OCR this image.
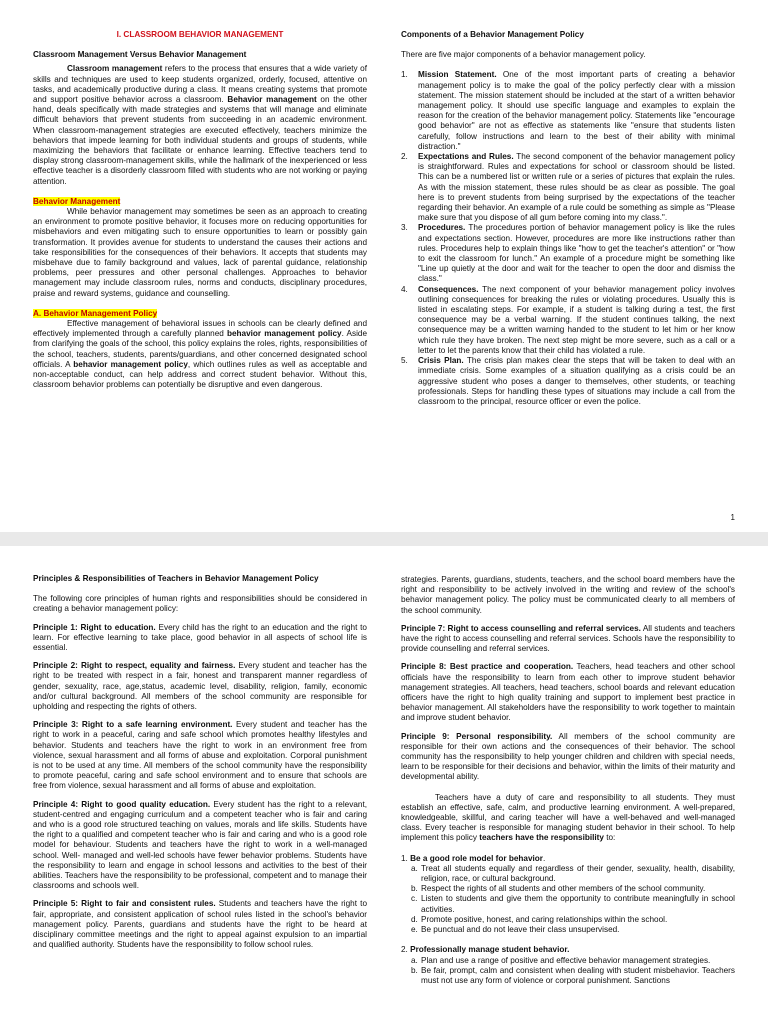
I. CLASSROOM BEHAVIOR MANAGEMENT
Classroom Management Versus Behavior Management

Classroom management refers to the process that ensures that a wide variety of skills and techniques are used to keep students organized, orderly, focused, attentive on tasks, and academically productive during a class. It means creating systems that promote and support positive behavior across a classroom. Behavior management on the other hand, deals specifically with made strategies and systems that will manage and eliminate difficult behaviors that prevent students from succeeding in an academic environment. When classroom-management strategies are executed effectively, teachers minimize the behaviors that impede learning for both individual students and groups of students, while maximizing the behaviors that facilitate or enhance learning. Effective teachers tend to display strong classroom-management skills, while the hallmark of the inexperienced or less effective teacher is a disorderly classroom filled with students who are not working or paying attention.

Behavior Management

While behavior management may sometimes be seen as an approach to creating an environment to promote positive behavior, it focuses more on reducing opportunities for misbehaviors and even mitigating such to ensure opportunities to learn or possibly gain transformation. It provides avenue for students to understand the causes their actions and take responsibilities for the consequences of their behaviors. It accepts that students may misbehave due to family background and values, lack of parental guidance, relationship problems, peer pressures and other personal challenges. Approaches to behavior management may include classroom rules, norms and conducts, disciplinary procedures, praise and reward systems, guidance and counselling.

A. Behavior Management Policy

Effective management of behavioral issues in schools can be clearly defined and effectively implemented through a carefully planned behavior management policy. Aside from clarifying the goals of the school, this policy explains the roles, rights, responsibilities of the school, teachers, students, parents/guardians, and other concerned designated school officials. A behavior management policy, which outlines rules as well as acceptable and non-acceptable conduct, can help address and correct student behavior. Without this, classroom behavior problems can potentially be disruptive and even dangerous.

Components of a Behavior Management Policy

There are five major components of a behavior management policy.

1. Mission Statement. One of the most important parts of creating a behavior management policy is to make the goal of the policy perfectly clear with a mission statement. The mission statement should be included at the start of a written behavior management policy. It should use specific language and examples to explain the reason for the creation of the behavior management policy. Statements like "encourage good behavior" are not as effective as statements like "ensure that students listen carefully, follow instructions and learn to the best of their ability with minimal distraction."
2. Expectations and Rules. The second component of the behavior management policy is straightforward. Rules and expectations for school or classroom should be listed. This can be a numbered list or written rule or a series of pictures that explain the rules. As with the mission statement, these rules should be as clear as possible. The goal here is to prevent students from being surprised by the expectations of the teacher regarding their behavior. An example of a rule could be something as simple as "Please make sure that you dispose of all gum before coming into my class.".
3. Procedures. The procedures portion of behavior management policy is like the rules and expectations section. However, procedures are more like instructions rather than rules. Procedures help to explain things like "how to get the teacher's attention" or "how to exit the classroom for lunch." An example of a procedure might be something like "Line up quietly at the door and wait for the teacher to open the door and dismiss the class."
4. Consequences. The next component of your behavior management policy involves outlining consequences for breaking the rules or violating procedures. Usually this is listed in escalating steps. For example, if a student is talking during a test, the first consequence may be a verbal warning. If the student continues talking, the next consequence may be a written warning handed to the student to let him or her know which rule they have broken. The next step might be more severe, such as a call or a letter to let the parents know that their child has violated a rule.
5. Crisis Plan. The crisis plan makes clear the steps that will be taken to deal with an immediate crisis. Some examples of a situation qualifying as a crisis could be an aggressive student who poses a danger to themselves, other students, or teaching professionals. Steps for handling these types of situations may include a call from the classroom to the principal, resource officer or even the police.
1
Principles & Responsibilities of Teachers in Behavior Management Policy

The following core principles of human rights and responsibilities should be considered in creating a behavior management policy:

Principle 1: Right to education. Every child has the right to an education and the right to learn. For effective learning to take place, good behavior in all aspects of school life is essential.

Principle 2: Right to respect, equality and fairness. Every student and teacher has the right to be treated with respect in a fair, honest and transparent manner regardless of gender, sexuality, race, age,status, academic level, disability, religion, family, economic and/or cultural background. All members of the school community are responsible for upholding and respecting the rights of others.

Principle 3: Right to a safe learning environment. Every student and teacher has the right to work in a peaceful, caring and safe school which promotes healthy lifestyles and behavior. Students and teachers have the right to work in an environment free from violence, sexual harassment and all forms of abuse and exploitation. Corporal punishment is not to be used at any time. All members of the school community have the responsibility to promote peaceful, caring and safe school environment and to ensure that schools are free from violence, sexual harassment and all forms of abuse and exploitation.

Principle 4: Right to good quality education. Every student has the right to a relevant, student-centred and engaging curriculum and a competent teacher who is fair and caring and who is a good role structured teaching on values, morals and life skills. Students have the right to a qualified and competent teacher who is fair and caring and who is a good role model for behaviour. Students and teachers have the right to work in a well-managed school. Well- managed and well-led schools have fewer behavior problems. Students have the responsibility to learn and engage in school lessons and activities to the best of their abilities. Teachers have the responsibility to be professional, competent and to manage their classrooms and schools well.

Principle 5: Right to fair and consistent rules. Students and teachers have the right to fair, appropriate, and consistent application of school rules listed in the school's behavior management policy. Parents, guardians and students have the right to be heard at disciplinary committee meetings and the right to appeal against expulsion to an impartial and qualified authority. Students have the responsibility to follow school rules.

strategies. Parents, guardians, students, teachers, and the school board members have the right and responsibility to be actively involved in the writing and review of the school's behavior management policy. The policy must be communicated clearly to all members of the school community.

Principle 7: Right to access counselling and referral services. All students and teachers have the right to access counselling and referral services. Schools have the responsibility to provide counselling and referral services.

Principle 8: Best practice and cooperation. Teachers, head teachers and other school officials have the responsibility to learn from each other to improve student behavior management strategies. All teachers, head teachers, school boards and relevant education officers have the right to high quality training and support to implement best practice in behavior management. All stakeholders have the responsibility to work together to maintain and improve student behavior.

Principle 9: Personal responsibility. All members of the school community are responsible for their own actions and the consequences of their behavior. The school community has the responsibility to help younger children and children with special needs, learn to be responsible for their decisions and behavior, within the limits of their maturity and developmental ability.

Teachers have a duty of care and responsibility to all students. They must establish an effective, safe, calm, and productive learning environment. A well-prepared, knowledgeable, skillful, and caring teacher will have a well-behaved and well-managed class. Every teacher is responsible for managing student behavior in their school. To help implement this policy teachers have the responsibility to:

1. Be a good role model for behavior.
a. Treat all students equally and regardless of their gender, sexuality, health, disability, religion, race, or cultural background.
b. Respect the rights of all students and other members of the school community.
c. Listen to students and give them the opportunity to contribute meaningfully in school activities.
d. Promote positive, honest, and caring relationships within the school.
e. Be punctual and do not leave their class unsupervised.
2. Professionally manage student behavior.
a. Plan and use a range of positive and effective behavior management strategies.
b. Be fair, prompt, calm and consistent when dealing with student misbehavior. Teachers must not use any form of violence or corporal punishment. Sanctions
